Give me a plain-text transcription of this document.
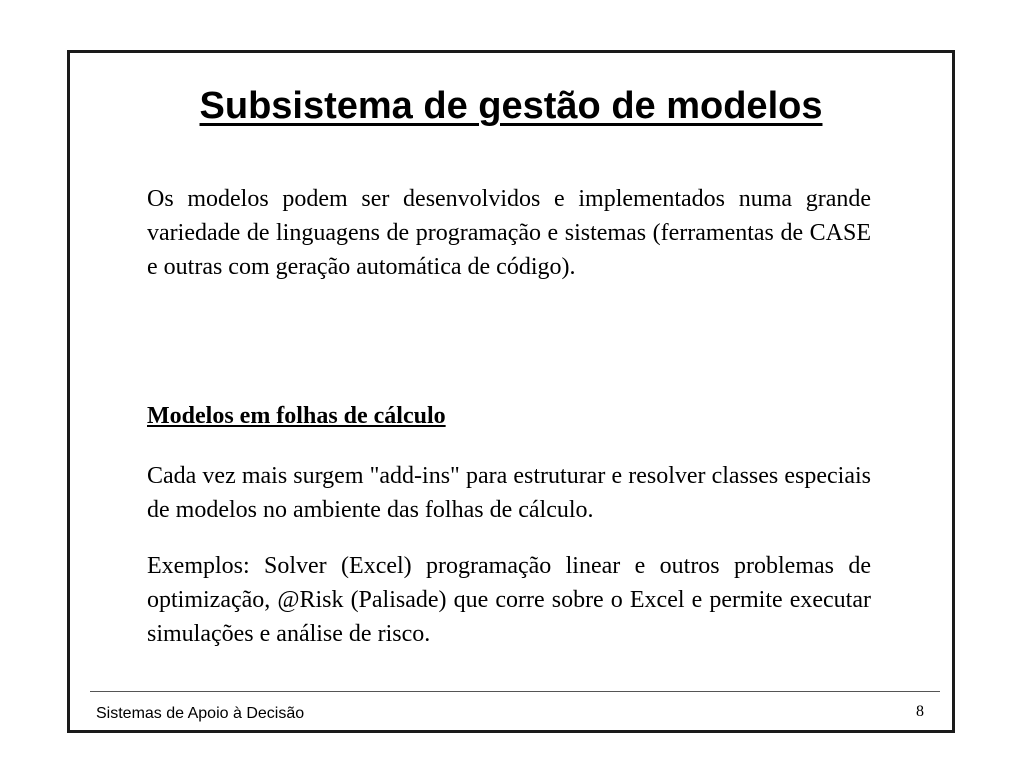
Subsistema de gestão de modelos

Os modelos podem ser desenvolvidos e implementados numa grande variedade de linguagens de programação e sistemas (ferramentas de CASE e outras com geração automática de código).

Modelos em folhas de cálculo

Cada vez mais surgem "add-ins" para estruturar e resolver classes especiais de modelos no ambiente das folhas de cálculo.

Exemplos: Solver (Excel) programação linear e outros problemas de optimização, @Risk (Palisade) que corre sobre o Excel e permite executar simulações e análise de risco.

Sistemas de Apoio à Decisão	8
